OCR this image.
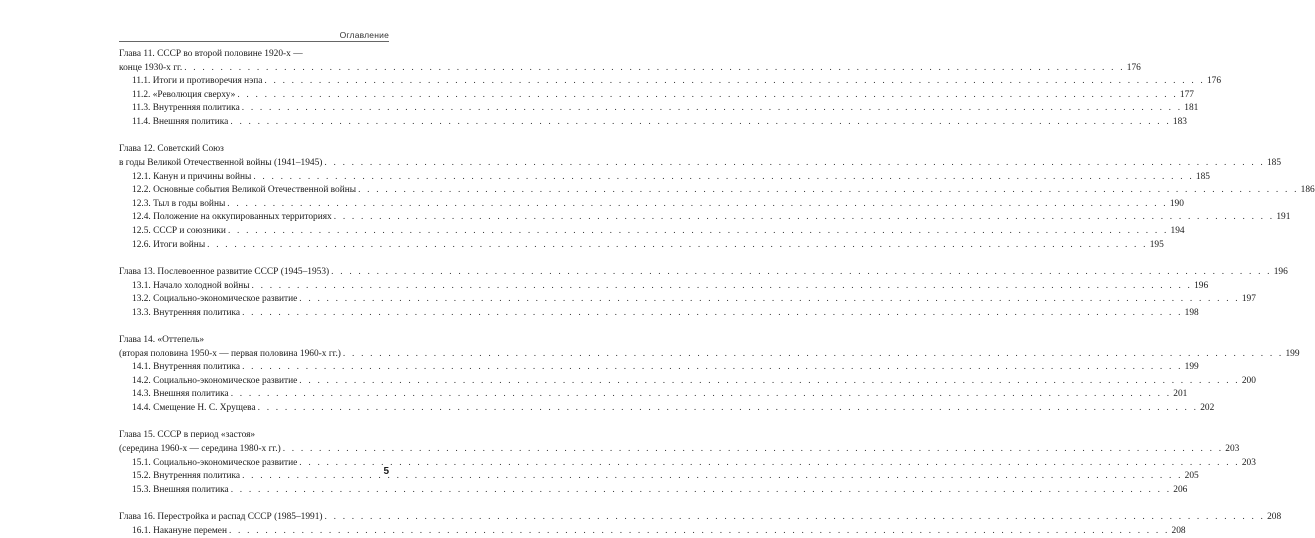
Оглавление
Глава 11. СССР во второй половине 1920-х —
конце 1930-х гг. . . .	176
11.1. Итоги и противоречия нэпа . . .	176
11.2. «Революция сверху» . . .	177
11.3. Внутренняя политика . . .	181
11.4. Внешняя политика . . .	183
Глава 12. Советский Союз
в годы Великой Отечественной войны (1941–1945) . . .	185
12.1. Канун и причины войны . . .	185
12.2. Основные события Великой Отечественной войны . . .	186
12.3. Тыл в годы войны . . .	190
12.4. Положение на оккупированных территориях . . .	191
12.5. СССР и союзники . . .	194
12.6. Итоги войны . . .	195
Глава 13. Послевоенное развитие СССР (1945–1953) . . .	196
13.1. Начало холодной войны . . .	196
13.2. Социально-экономическое развитие . . .	197
13.3. Внутренняя политика . . .	198
Глава 14. «Оттепель»
(вторая половина 1950-х — первая половина 1960-х гг.) . . .	199
14.1. Внутренняя политика . . .	199
14.2. Социально-экономическое развитие . . .	200
14.3. Внешняя политика . . .	201
14.4. Смещение Н. С. Хрущева . . .	202
Глава 15. СССР в период «застоя»
(середина 1960-х — середина 1980-х гг.) . . .	203
15.1. Социально-экономическое развитие . . .	203
15.2. Внутренняя политика . . .	205
15.3. Внешняя политика . . .	206
Глава 16. Перестройка и распад СССР (1985–1991) . . .	208
16.1. Накануне перемен . . .	208
5
